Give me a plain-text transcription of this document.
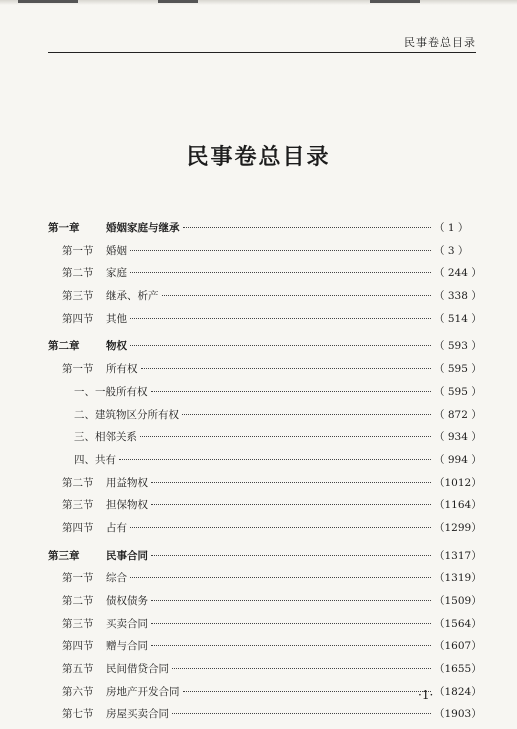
民事卷总目录
民事卷总目录
第一章	婚姻家庭与继承	（ 1 ）
第一节 婚姻	（ 3 ）
第二节 家庭	（ 244 ）
第三节 继承、析产	（ 338 ）
第四节 其他	（ 514 ）
第二章	物权	（ 593 ）
第一节 所有权	（ 595 ）
一、一般所有权	（ 595 ）
二、建筑物区分所有权	（ 872 ）
三、相邻关系	（ 934 ）
四、共有	（ 994 ）
第二节 用益物权	（1012）
第三节 担保物权	（1164）
第四节 占有	（1299）
第三章	民事合同	（1317）
第一节 综合	（1319）
第二节 债权债务	（1509）
第三节 买卖合同	（1564）
第四节 赠与合同	（1607）
第五节 民间借贷合同	（1655）
第六节 房地产开发合同	（1824）
第七节 房屋买卖合同	（1903）
·1·
